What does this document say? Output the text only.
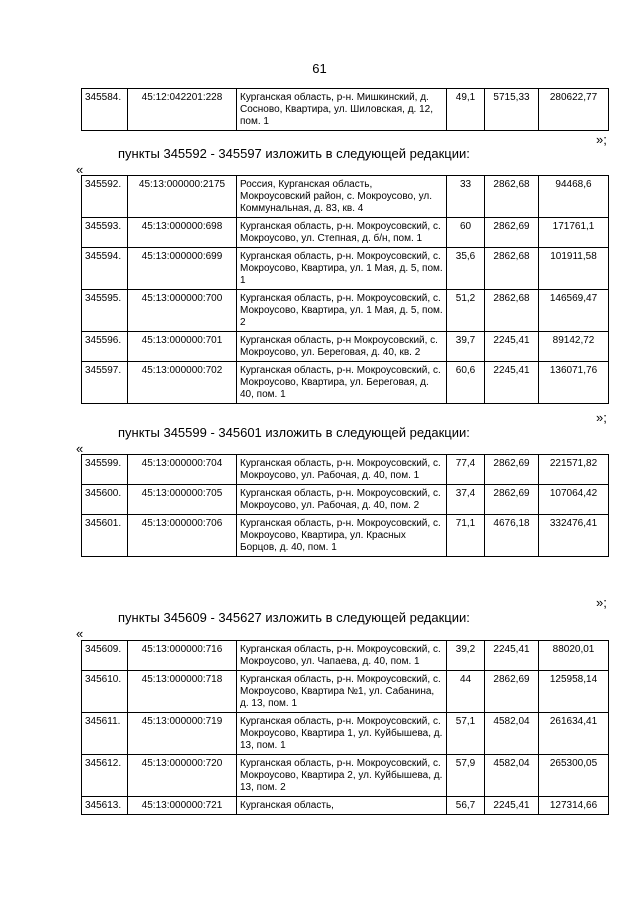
61
345584.	45:12:042201:228	Курганская область, р-н. Мишкинский, д. Сосново, Квартира, ул. Шиловская, д. 12, пом. 1	49,1	5715,33	280622,77
»;
пункты 345592 - 345597 изложить в следующей редакции:
«
345592.	45:13:000000:2175	Россия, Курганская область, Мокроусовский район, с. Мокроусово, ул. Коммунальная, д. 83, кв. 4	33	2862,68	94468,6
345593.	45:13:000000:698	Курганская область, р-н. Мокроусовский, с. Мокроусово, ул. Степная, д. б/н, пом. 1	60	2862,69	171761,1
345594.	45:13:000000:699	Курганская область, р-н. Мокроусовский, с. Мокроусово, Квартира, ул. 1 Мая, д. 5, пом. 1	35,6	2862,68	101911,58
345595.	45:13:000000:700	Курганская область, р-н. Мокроусовский, с. Мокроусово, Квартира, ул. 1 Мая, д. 5, пом. 2	51,2	2862,68	146569,47
345596.	45:13:000000:701	Курганская область, р-н Мокроусовский, с. Мокроусово, ул. Береговая, д. 40, кв. 2	39,7	2245,41	89142,72
345597.	45:13:000000:702	Курганская область, р-н. Мокроусовский, с. Мокроусово, Квартира, ул. Береговая, д. 40, пом. 1	60,6	2245,41	136071,76
»;
пункты 345599 - 345601 изложить в следующей редакции:
«
345599.	45:13:000000:704	Курганская область, р-н. Мокроусовский, с. Мокроусово, ул. Рабочая, д. 40, пом. 1	77,4	2862,69	221571,82
345600.	45:13:000000:705	Курганская область, р-н. Мокроусовский, с. Мокроусово, ул. Рабочая, д. 40, пом. 2	37,4	2862,69	107064,42
345601.	45:13:000000:706	Курганская область, р-н. Мокроусовский, с. Мокроусово, Квартира, ул. Красных Борцов, д. 40, пом. 1	71,1	4676,18	332476,41
»;
пункты 345609 - 345627 изложить в следующей редакции:
«
345609.	45:13:000000:716	Курганская область, р-н. Мокроусовский, с. Мокроусово, ул. Чапаева, д. 40, пом. 1	39,2	2245,41	88020,01
345610.	45:13:000000:718	Курганская область, р-н. Мокроусовский, с. Мокроусово, Квартира №1, ул. Сабанина, д. 13, пом. 1	44	2862,69	125958,14
345611.	45:13:000000:719	Курганская область, р-н. Мокроусовский, с. Мокроусово, Квартира 1, ул. Куйбышева, д. 13, пом. 1	57,1	4582,04	261634,41
345612.	45:13:000000:720	Курганская область, р-н. Мокроусовский, с. Мокроусово, Квартира 2, ул. Куйбышева, д. 13, пом. 2	57,9	4582,04	265300,05
345613.	45:13:000000:721	Курганская область,	56,7	2245,41	127314,66
